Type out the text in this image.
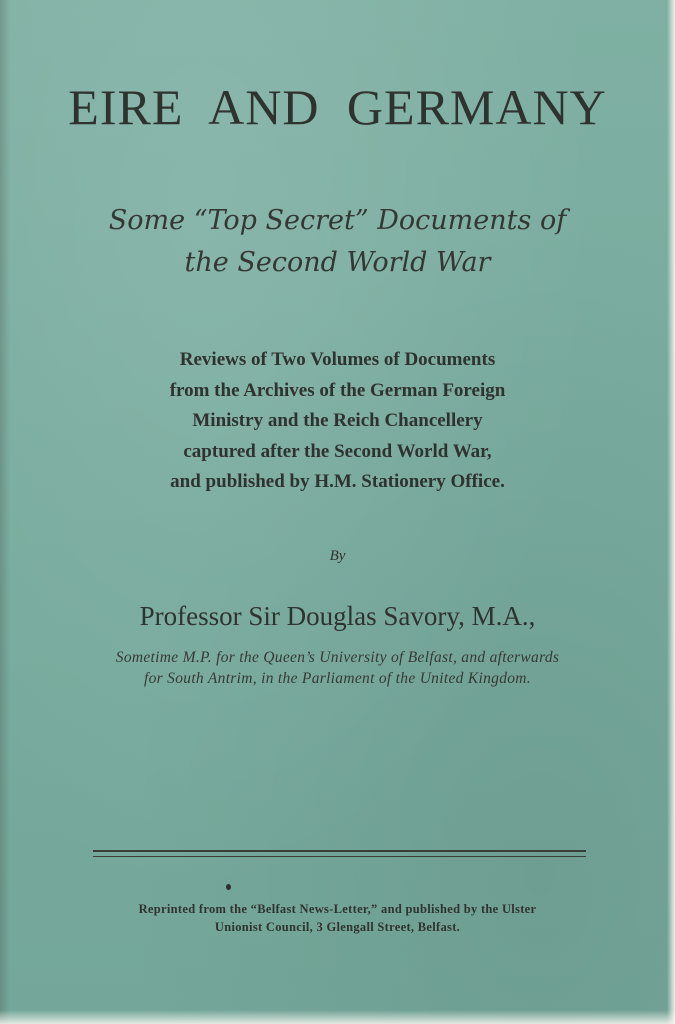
EIRE AND GERMANY
Some “Top Secret” Documents of
the Second World War
Reviews of Two Volumes of Documents
from the Archives of the German Foreign
Ministry and the Reich Chancellery
captured after the Second World War,
and published by H.M. Stationery Office.
By
Professor Sir Douglas Savory, M.A.,
Sometime M.P. for the Queen’s University of Belfast, and afterwards
for South Antrim, in the Parliament of the United Kingdom.
Reprinted from the “Belfast News-Letter,” and published by the Ulster
Unionist Council, 3 Glengall Street, Belfast.
